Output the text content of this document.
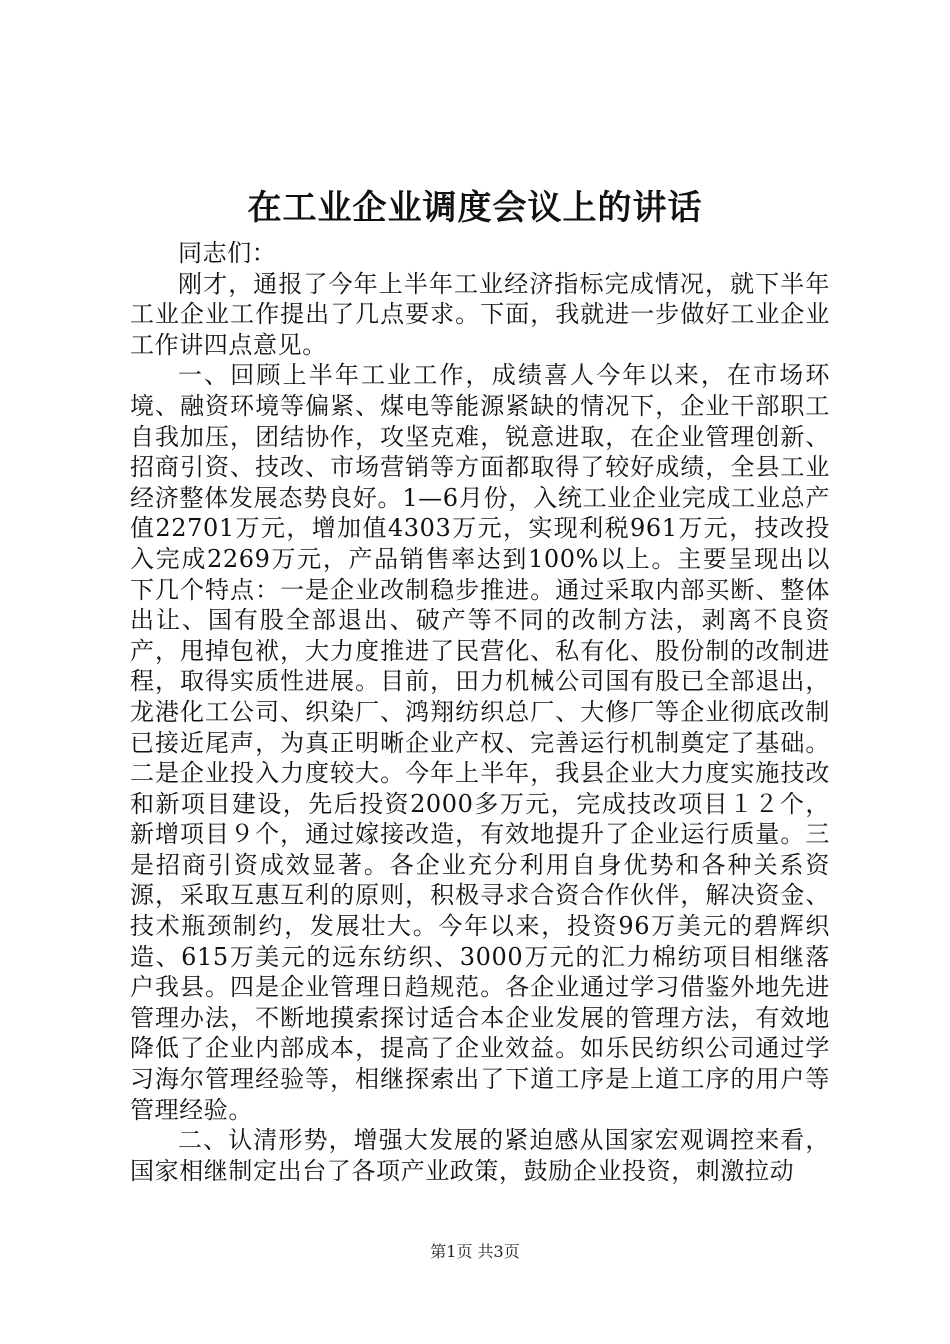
在工业企业调度会议上的讲话

同志们：

刚才，通报了今年上半年工业经济指标完成情况，就下半年工业企业工作提出了几点要求。下面，我就进一步做好工业企业工作讲四点意见。

一、回顾上半年工业工作，成绩喜人今年以来，在市场环境、融资环境等偏紧、煤电等能源紧缺的情况下，企业干部职工自我加压，团结协作，攻坚克难，锐意进取，在企业管理创新、招商引资、技改、市场营销等方面都取得了较好成绩，全县工业经济整体发展态势良好。1—6月份，入统工业企业完成工业总产值22701万元，增加值4303万元，实现利税961万元，技改投入完成2269万元，产品销售率达到100%以上。主要呈现出以下几个特点：一是企业改制稳步推进。通过采取内部买断、整体出让、国有股全部退出、破产等不同的改制方法，剥离不良资产，甩掉包袱，大力度推进了民营化、私有化、股份制的改制进程，取得实质性进展。目前，田力机械公司国有股已全部退出，龙港化工公司、织染厂、鸿翔纺织总厂、大修厂等企业彻底改制已接近尾声，为真正明晰企业产权、完善运行机制奠定了基础。二是企业投入力度较大。今年上半年，我县企业大力度实施技改和新项目建设，先后投资2000多万元，完成技改项目１２个，新增项目９个，通过嫁接改造，有效地提升了企业运行质量。三是招商引资成效显著。各企业充分利用自身优势和各种关系资源，采取互惠互利的原则，积极寻求合资合作伙伴，解决资金、技术瓶颈制约，发展壮大。今年以来，投资96万美元的碧辉织造、615万美元的远东纺织、3000万元的汇力棉纺项目相继落户我县。四是企业管理日趋规范。各企业通过学习借鉴外地先进管理办法，不断地摸索探讨适合本企业发展的管理方法，有效地降低了企业内部成本，提高了企业效益。如乐民纺织公司通过学习海尔管理经验等，相继探索出了下道工序是上道工序的用户等管理经验。

二、认清形势，增强大发展的紧迫感从国家宏观调控来看，国家相继制定出台了各项产业政策，鼓励企业投资，刺激拉动

第1页 共3页
